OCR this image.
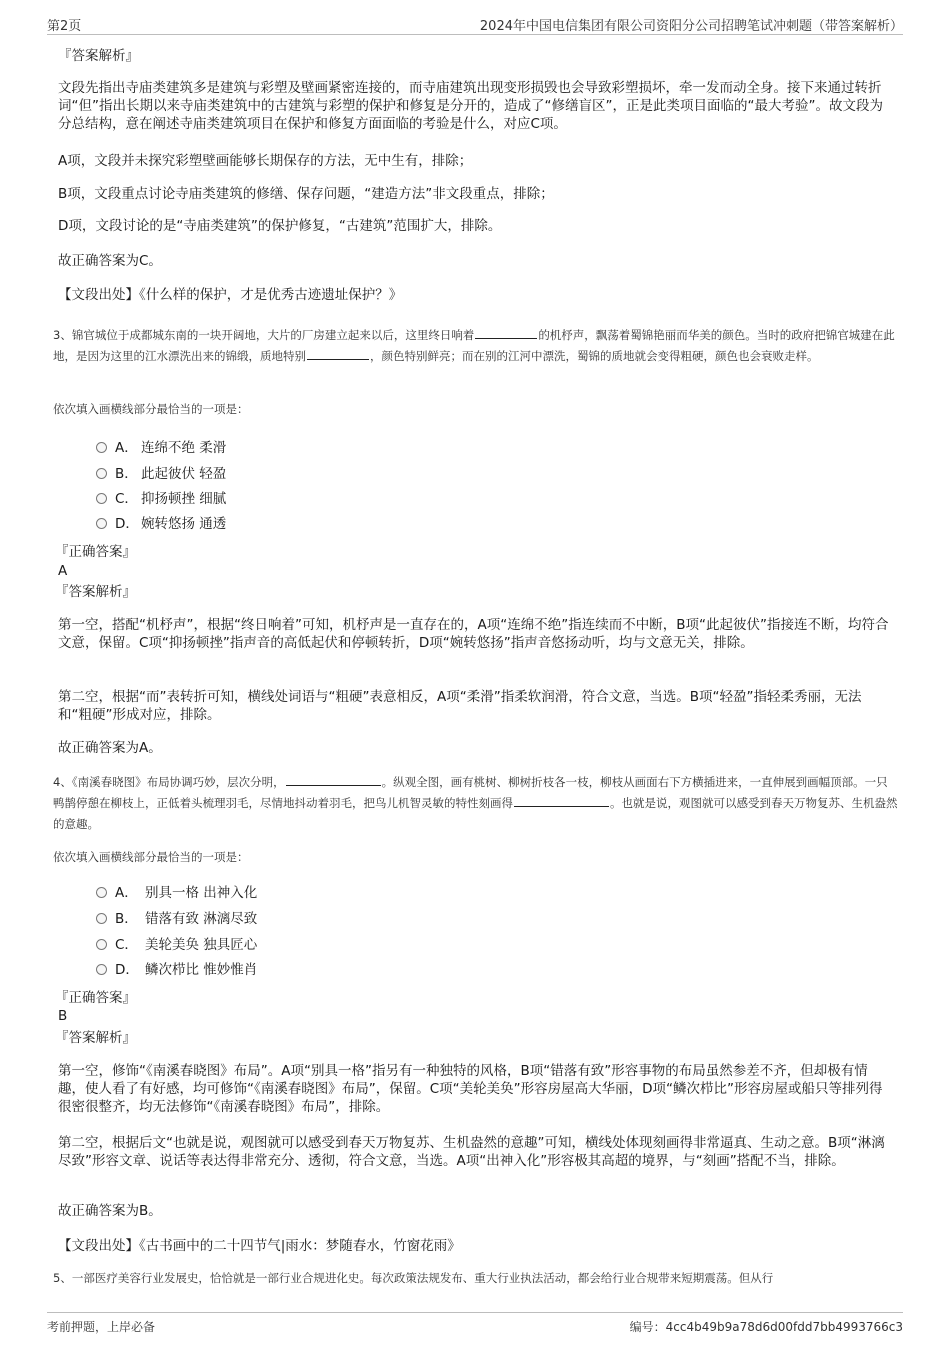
第2页	2024年中国电信集团有限公司资阳分公司招聘笔试冲刺题（带答案解析）
『答案解析』
文段先指出寺庙类建筑多是建筑与彩塑及壁画紧密连接的，而寺庙建筑出现变形损毁也会导致彩塑损坏，牵一发而动全身。接下来通过转折词“但”指出长期以来寺庙类建筑中的古建筑与彩塑的保护和修复是分开的，造成了“修缮盲区”，正是此类项目面临的“最大考验”。故文段为分总结构，意在阐述寺庙类建筑项目在保护和修复方面面临的考验是什么，对应C项。
A项，文段并未探究彩塑壁画能够长期保存的方法，无中生有，排除；
B项，文段重点讨论寺庙类建筑的修缮、保存问题，“建造方法”非文段重点，排除；
D项，文段讨论的是“寺庙类建筑”的保护修复，“古建筑”范围扩大，排除。
故正确答案为C。
【文段出处】《什么样的保护，才是优秀古迹遗址保护？》
3、锦官城位于成都城东南的一块开阔地，大片的厂房建立起来以后，这里终日响着	的机杼声，飘荡着蜀锦艳丽而华美的颜色。当时的政府把锦官城建在此地，是因为这里的江水漂洗出来的锦缎，质地特别	，颜色特别鲜亮；而在别的江河中漂洗，蜀锦的质地就会变得粗硬，颜色也会衰败走样。
依次填入画横线部分最恰当的一项是：
A． 连绵不绝 柔滑
B． 此起彼伏 轻盈
C． 抑扬顿挫 细腻
D． 婉转悠扬 通透
『正确答案』
A
『答案解析』
第一空，搭配“机杼声”，根据“终日响着”可知，机杼声是一直存在的，A项“连绵不绝”指连续而不中断，B项“此起彼伏”指接连不断，均符合文意，保留。C项“抑扬顿挫”指声音的高低起伏和停顿转折，D项“婉转悠扬”指声音悠扬动听，均与文意无关，排除。
第二空，根据“而”表转折可知，横线处词语与“粗硬”表意相反，A项“柔滑”指柔软润滑，符合文意，当选。B项“轻盈”指轻柔秀丽，无法和“粗硬”形成对应，排除。
故正确答案为A。
4、《南溪春晓图》布局协调巧妙，层次分明，	。纵观全图，画有桃树、柳树折枝各一枝，柳枝从画面右下方横插进来，一直伸展到画幅顶部。一只鸭鹊停憩在柳枝上，正低着头梳理羽毛，尽情地抖动着羽毛，把鸟儿机智灵敏的特性刻画得	。也就是说，观图就可以感受到春天万物复苏、生机盎然的意趣。
依次填入画横线部分最恰当的一项是：
A． 别具一格 出神入化
B． 错落有致 淋漓尽致
C． 美轮美奂 独具匠心
D． 鳞次栉比 惟妙惟肖
『正确答案』
B
『答案解析』
第一空，修饰“《南溪春晓图》布局”。A项“别具一格”指另有一种独特的风格，B项“错落有致”形容事物的布局虽然参差不齐，但却极有情趣，使人看了有好感，均可修饰“《南溪春晓图》布局”，保留。C项“美轮美奂”形容房屋高大华丽，D项“鳞次栉比”形容房屋或船只等排列得很密很整齐，均无法修饰“《南溪春晓图》布局”，排除。
第二空，根据后文“也就是说，观图就可以感受到春天万物复苏、生机盎然的意趣”可知，横线处体现刻画得非常逼真、生动之意。B项“淋漓尽致”形容文章、说话等表达得非常充分、透彻，符合文意，当选。A项“出神入化”形容极其高超的境界，与“刻画”搭配不当，排除。
故正确答案为B。
【文段出处】《古书画中的二十四节气|雨水：梦随春水，竹窗花雨》
5、一部医疗美容行业发展史，恰恰就是一部行业合规进化史。每次政策法规发布、重大行业执法活动，都会给行业合规带来短期震荡。但从行
考前押题，上岸必备	编号：4cc4b49b9a78d6d00fdd7bb4993766c3
